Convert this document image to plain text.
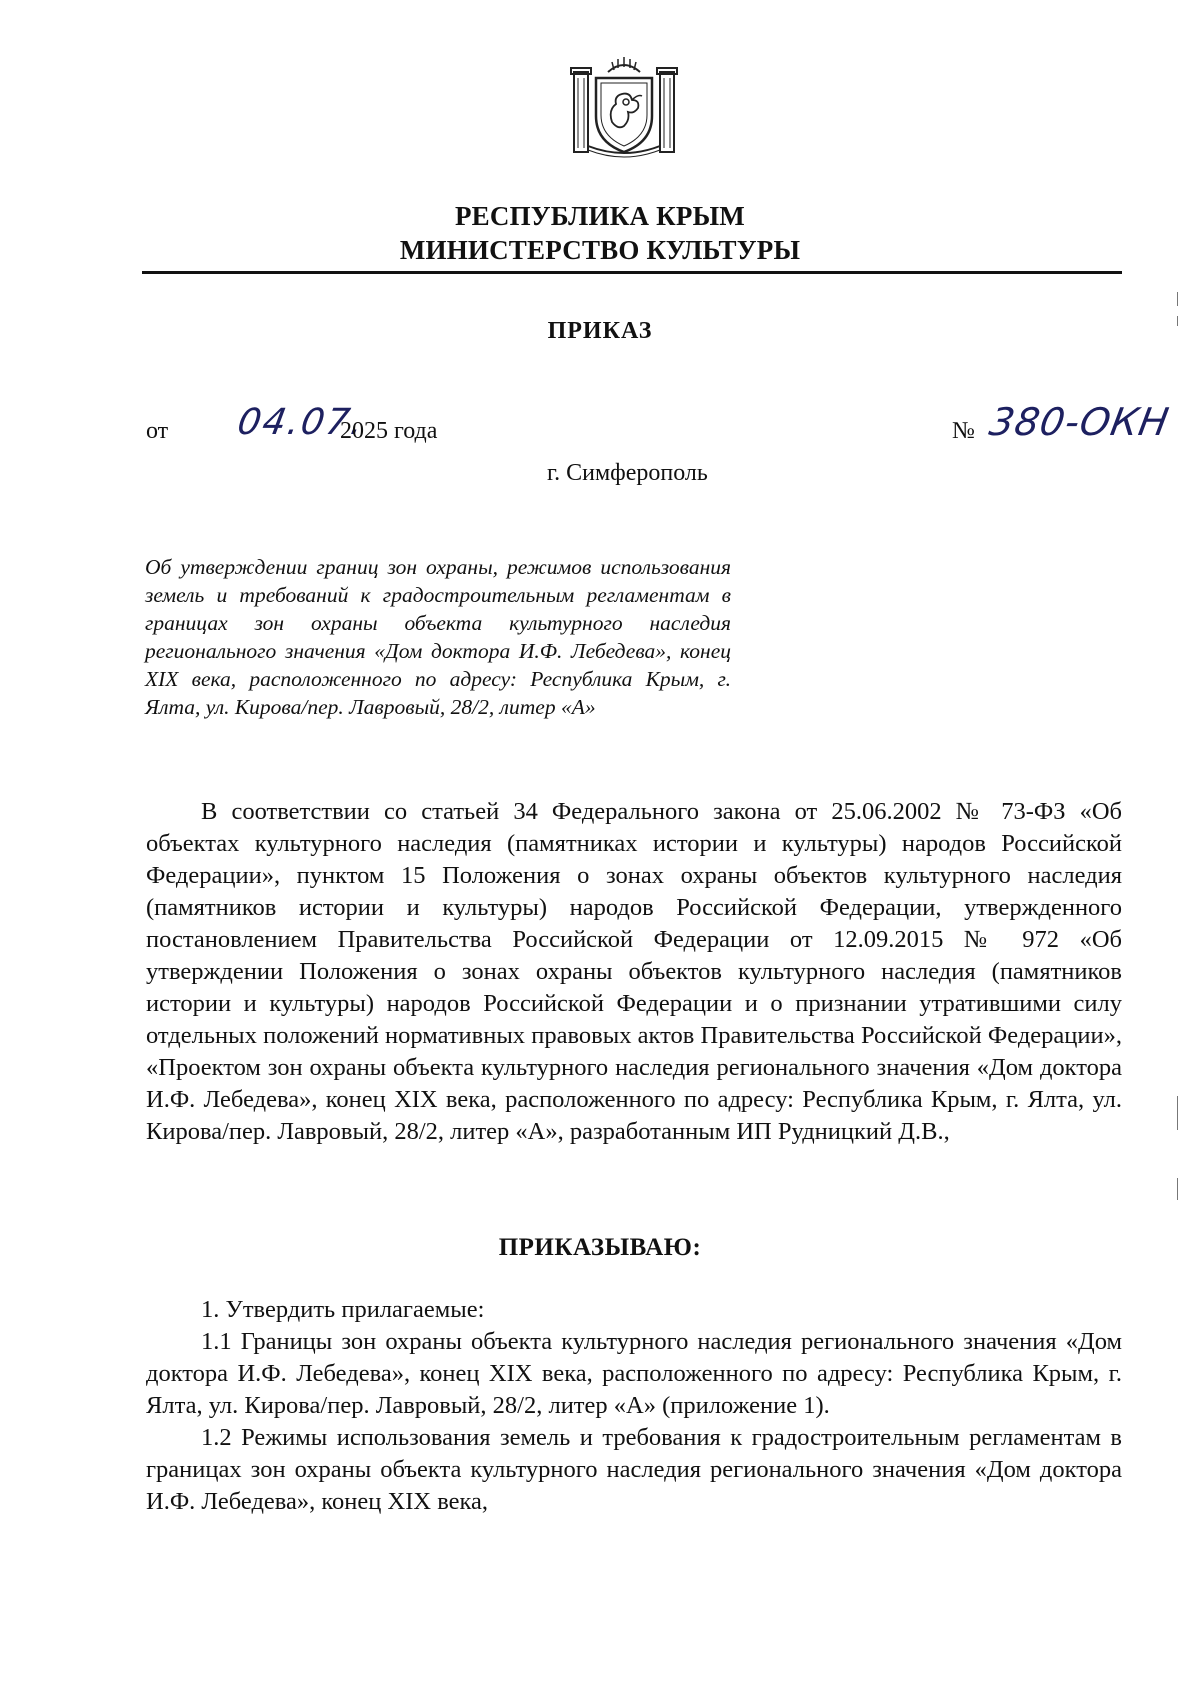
РЕСПУБЛИКА КРЫМ
МИНИСТЕРСТВО КУЛЬТУРЫ
ПРИКАЗ
от 04.07.
2025 года	№ 380-ОКН
г. Симферополь
Об утверждении границ зон охраны, режимов использования земель и требований к градостроительным регламентам в границах зон охраны объекта культурного наследия регионального значения «Дом доктора И.Ф. Лебедева», конец XIX века, расположенного по адресу: Республика Крым, г. Ялта, ул. Кирова/пер. Лавровый, 28/2, литер «А»
В соответствии со статьей 34 Федерального закона от 25.06.2002 № 73-ФЗ «Об объектах культурного наследия (памятниках истории и культуры) народов Российской Федерации», пунктом 15 Положения о зонах охраны объектов культурного наследия (памятников истории и культуры) народов Российской Федерации, утвержденного постановлением Правительства Российской Федерации от 12.09.2015 № 972 «Об утверждении Положения о зонах охраны объектов культурного наследия (памятников истории и культуры) народов Российской Федерации и о признании утратившими силу отдельных положений нормативных правовых актов Правительства Российской Федерации», «Проектом зон охраны объекта культурного наследия регионального значения «Дом доктора И.Ф. Лебедева», конец XIX века, расположенного по адресу: Республика Крым, г. Ялта, ул. Кирова/пер. Лавровый, 28/2, литер «А», разработанным ИП Рудницкий Д.В.,
ПРИКАЗЫВАЮ:

1. Утвердить прилагаемые:

1.1 Границы зон охраны объекта культурного наследия регионального значения «Дом доктора И.Ф. Лебедева», конец XIX века, расположенного по адресу: Республика Крым, г. Ялта, ул. Кирова/пер. Лавровый, 28/2, литер «А» (приложение 1).

1.2 Режимы использования земель и требования к градостроительным регламентам в границах зон охраны объекта культурного наследия регионального значения «Дом доктора И.Ф. Лебедева», конец XIX века,
